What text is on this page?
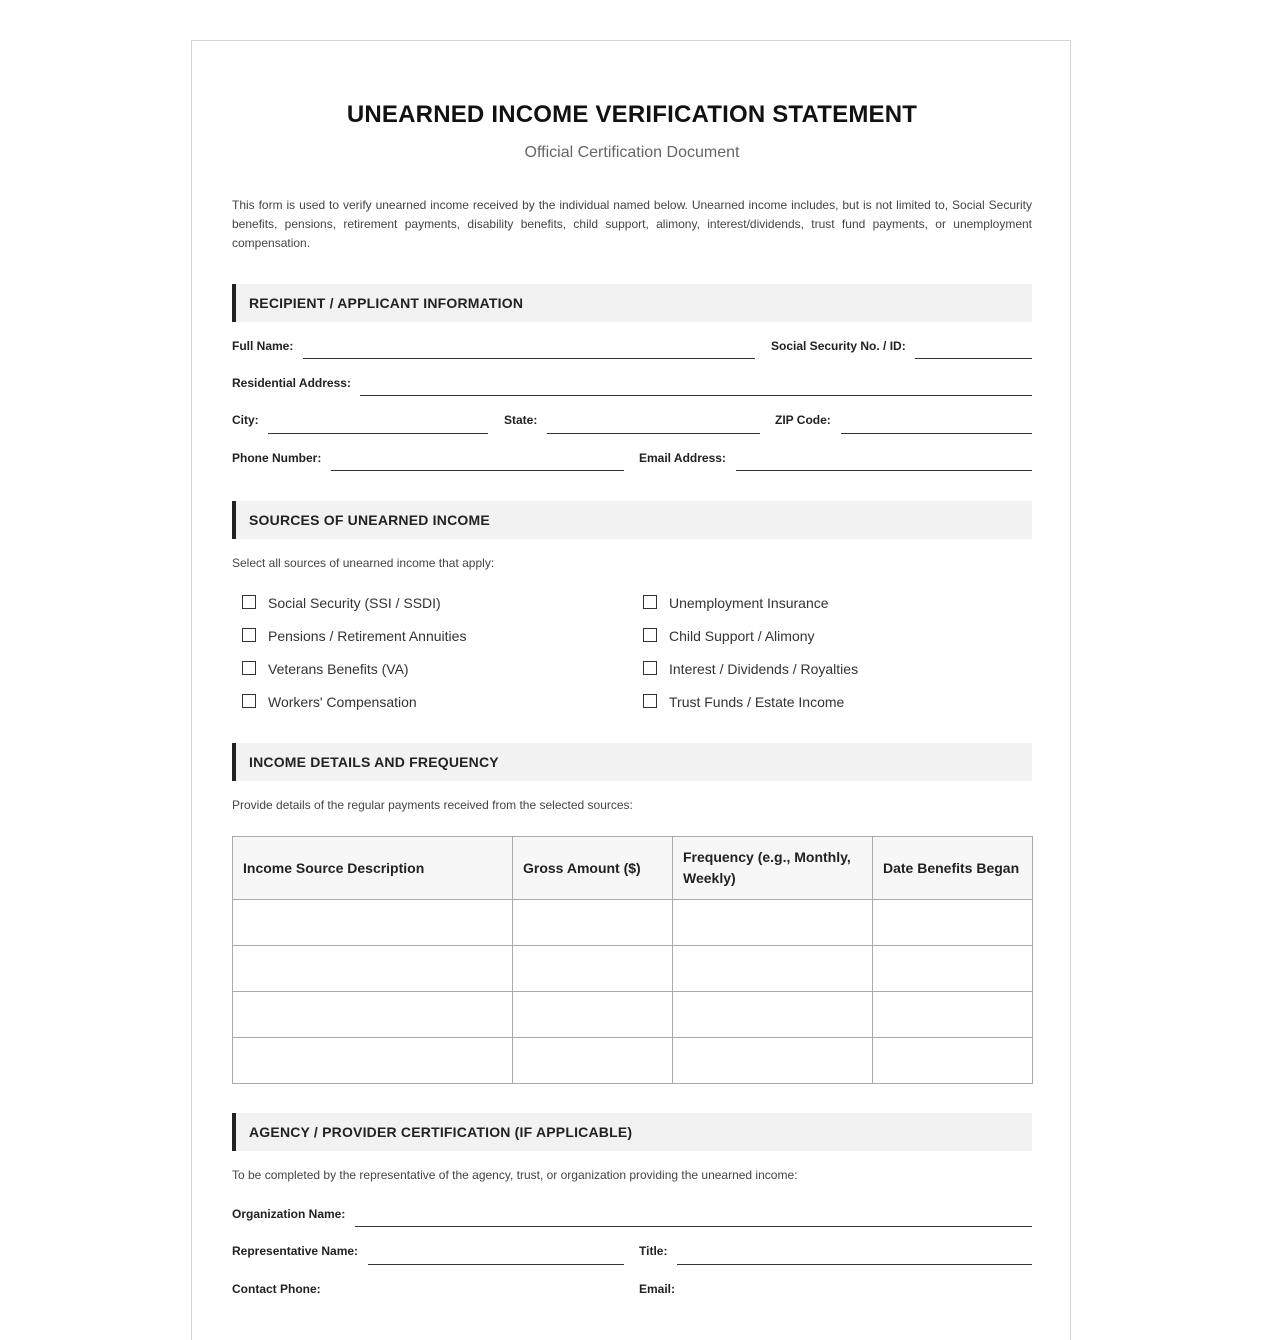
UNEARNED INCOME VERIFICATION STATEMENT
Official Certification Document
This form is used to verify unearned income received by the individual named below. Unearned income includes, but is not limited to, Social Security benefits, pensions, retirement payments, disability benefits, child support, alimony, interest/dividends, trust fund payments, or unemployment compensation.
RECIPIENT / APPLICANT INFORMATION
Full Name:	Social Security No. / ID:
Residential Address:
City:	State:	ZIP Code:
Phone Number:	Email Address:
SOURCES OF UNEARNED INCOME
Select all sources of unearned income that apply:
Social Security (SSI / SSDI)
Pensions / Retirement Annuities
Veterans Benefits (VA)
Workers' Compensation
Unemployment Insurance
Child Support / Alimony
Interest / Dividends / Royalties
Trust Funds / Estate Income
INCOME DETAILS AND FREQUENCY
Provide details of the regular payments received from the selected sources:
Income Source Description	Gross Amount ($)	Frequency (e.g., Monthly, Weekly)	Date Benefits Began

AGENCY / PROVIDER CERTIFICATION (IF APPLICABLE)
To be completed by the representative of the agency, trust, or organization providing the unearned income:
Organization Name:
Representative Name:	Title:
Contact Phone:	Email:
